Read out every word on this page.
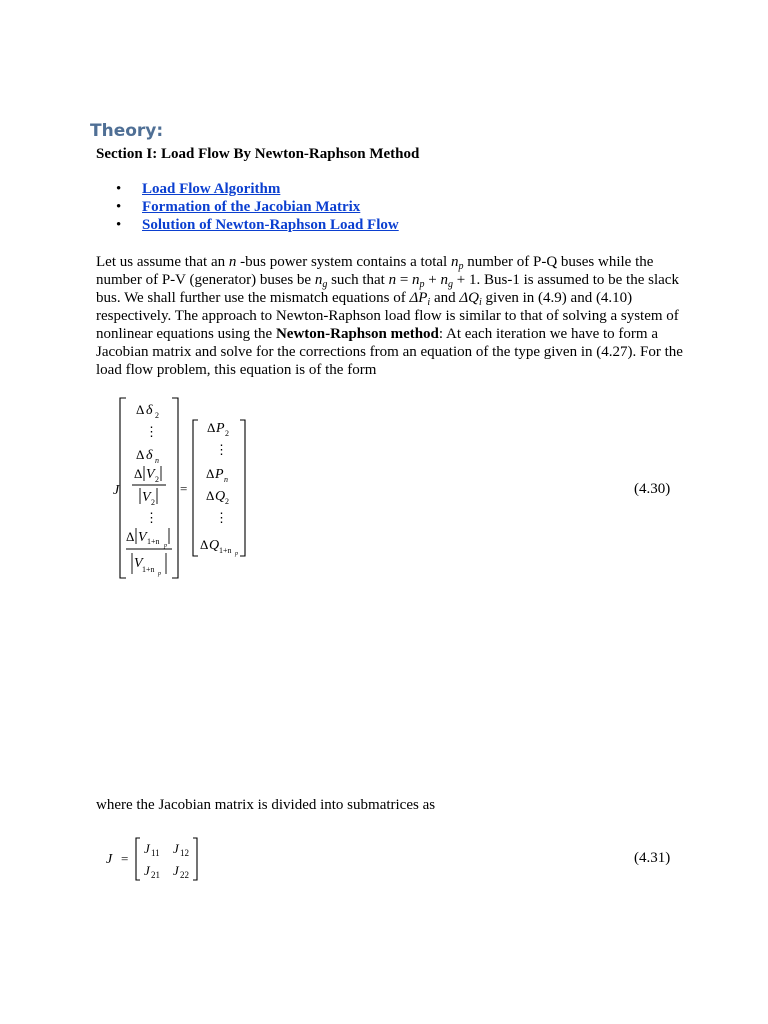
Theory:

Section I: Load Flow By Newton-Raphson Method

• Load Flow Algorithm
• Formation of the Jacobian Matrix
• Solution of Newton-Raphson Load Flow

Let us assume that an n -bus power system contains a total $n_p$ number of P-Q buses while the number of P-V (generator) buses be $n_g$ such that $n = n_p + n_g + 1$. Bus-1 is assumed to be the slack bus. We shall further use the mismatch equations of $\Delta P_i$ and $\Delta Q_i$ given in (4.9) and (4.10) respectively. The approach to Newton-Raphson load flow is similar to that of solving a system of nonlinear equations using the Newton-Raphson method: At each iteration we have to form a Jacobian matrix and solve for the corrections from an equation of the type given in (4.27). For the load flow problem, this equation is of the form

J
Δ δ 2
⋮
Δ δ n
Δ V 2
V 2
⋮
Δ V 1+n p
V 1+n p
=
Δ P 2
⋮
Δ P n
Δ Q 2
⋮
Δ Q 1+n p
(4.30)

where the Jacobian matrix is divided into submatrices as

J =
J 11 J 12
J 21 J 22
(4.31)
